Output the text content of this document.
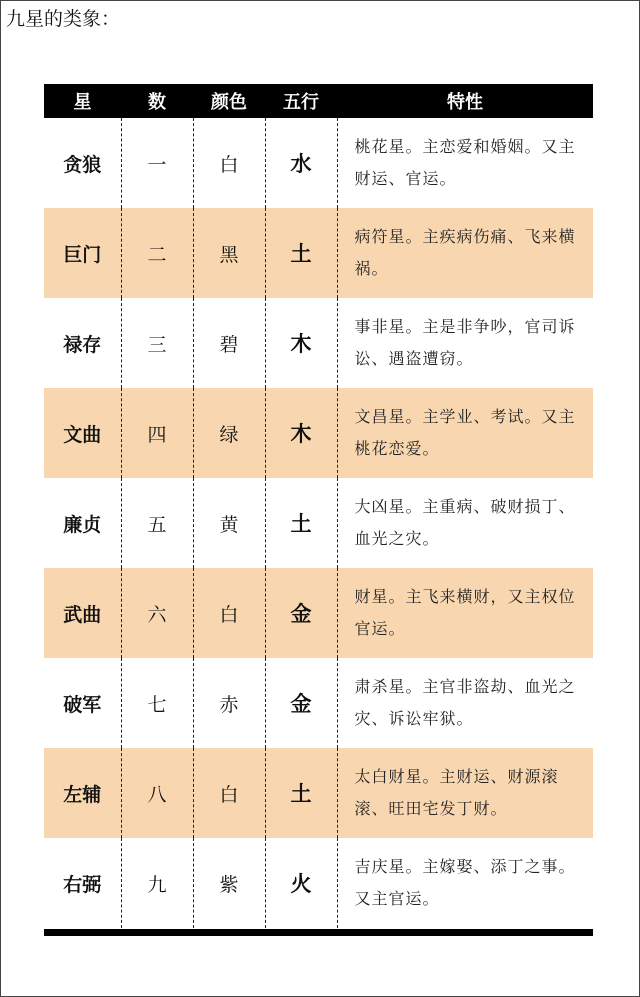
九星的类象：
星	数	颜色	五行	特性
贪狼	一	白	水	桃花星。主恋爱和婚姻。又主财运、官运。
巨门	二	黑	土	病符星。主疾病伤痛、飞来横祸。
禄存	三	碧	木	事非星。主是非争吵，官司诉讼、遇盗遭窃。
文曲	四	绿	木	文昌星。主学业、考试。又主桃花恋爱。
廉贞	五	黄	土	大凶星。主重病、破财损丁、血光之灾。
武曲	六	白	金	财星。主飞来横财，又主权位官运。
破军	七	赤	金	肃杀星。主官非盗劫、血光之灾、诉讼牢狱。
左辅	八	白	土	太白财星。主财运、财源滚滚、旺田宅发丁财。
右弼	九	紫	火	吉庆星。主嫁娶、添丁之事。又主官运。
